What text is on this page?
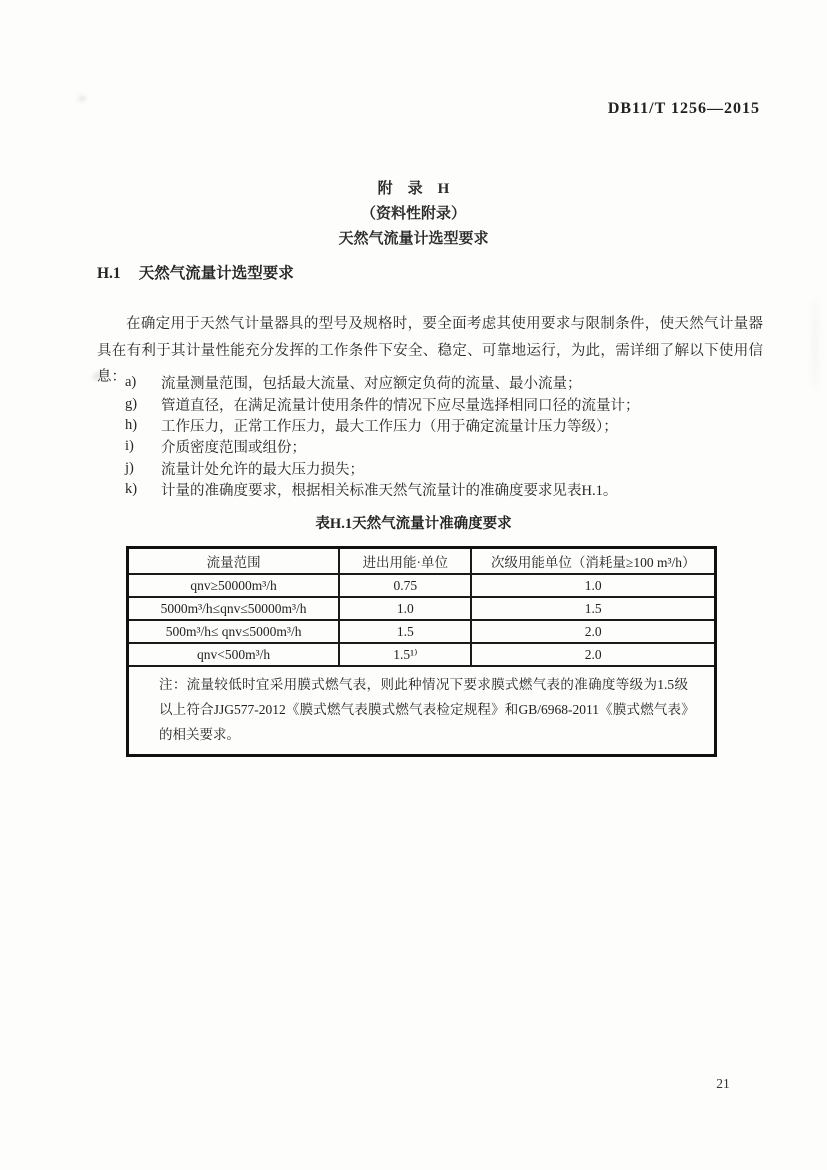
DB11/T 1256—2015
附　录　H
（资料性附录）
天然气流量计选型要求
H.1 天然气流量计选型要求

在确定用于天然气计量器具的型号及规格时，要全面考虑其使用要求与限制条件，使天然气计量器具在有利于其计量性能充分发挥的工作条件下安全、稳定、可靠地运行，为此，需详细了解以下使用信息： a)	流量测量范围，包括最大流量、对应额定负荷的流量、最小流量；
g)	管道直径，在满足流量计使用条件的情况下应尽量选择相同口径的流量计；
h)	工作压力，正常工作压力，最大工作压力（用于确定流量计压力等级）；
i)	介质密度范围或组份；
j)	流量计处允许的最大压力损失；
k)	计量的准确度要求，根据相关标准天然气流量计的准确度要求见表H.1。
表H.1天然气流量计准确度要求
流量范围	进出用能·单位	次级用能单位（消耗量≥100 m³/h）
qnv≥50000m³/h	0.75	1.0
5000m³/h≤qnv≤50000m³/h	1.0	1.5
500m³/h≤ qnv≤5000m³/h	1.5	2.0
qnv<500m³/h	1.5¹⁾	2.0
注：流量较低时宜采用膜式燃气表，则此种情况下要求膜式燃气表的准确度等级为1.5级以上符合JJG577-2012《膜式燃气表膜式燃气表检定规程》和GB/6968-2011《膜式燃气表》的相关要求。		
21
